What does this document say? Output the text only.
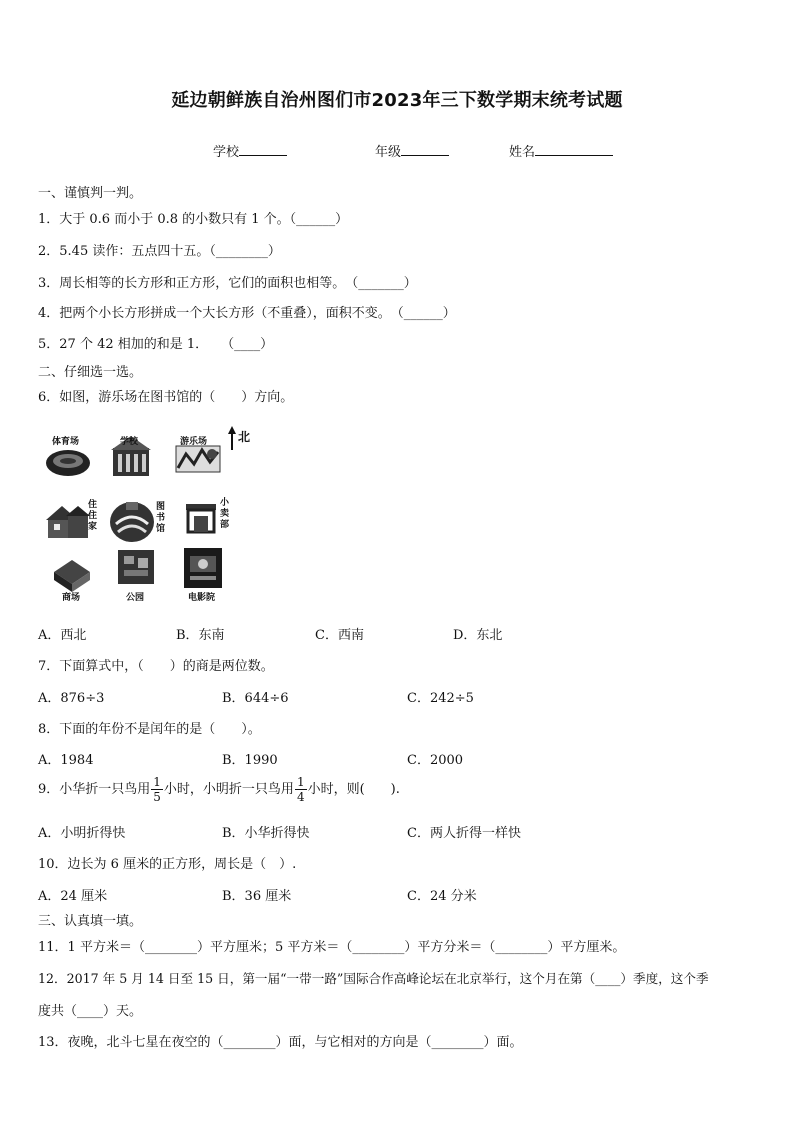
延边朝鲜族自治州图们市2023年三下数学期末统考试题
学校	年级	姓名
一、谨慎判一判。
1．大于 0.6 而小于 0.8 的小数只有 1 个。（______）
2．5.45 读作：五点四十五。（________）
3．周长相等的长方形和正方形，它们的面积也相等。　（_______）
4．把两个小长方形拼成一个大长方形（不重叠），面积不变。　（______）
5．27 个 42 相加的和是 1．　　（____）
二、仔细选一选。
6．如图，游乐场在图书馆的（　　）方向。
体育场	学校	游乐场	北
住住家
图书馆
小卖部
商场	公园	电影院
A．西北	B．东南	C．西南	D．东北
7．下面算式中，（　　）的商是两位数。
A．876÷3	B．644÷6	C．242÷5
8．下面的年份不是闰年的是（　　）。
A．1984	B．1990	C．2000
9．小华折一只鸟用 $\frac{1}{5}$ 小时，小明折一只鸟用 $\frac{1}{4}$ 小时，则(　　).
A．小明折得快	B．小华折得快	C．两人折得一样快
10．边长为 6 厘米的正方形，周长是（　）.
A．24 厘米	B．36 厘米	C．24 分米
三、认真填一填。
11．1 平方米＝（________）平方厘米；5 平方米＝（________）平方分米＝（________）平方厘米。
12．2017 年 5 月 14 日至 15 日，第一届“一带一路”国际合作高峰论坛在北京举行，这个月在第（____）季度，这个季
度共（____）天。
13．夜晚，北斗七星在夜空的（________）面，与它相对的方向是（________）面。
